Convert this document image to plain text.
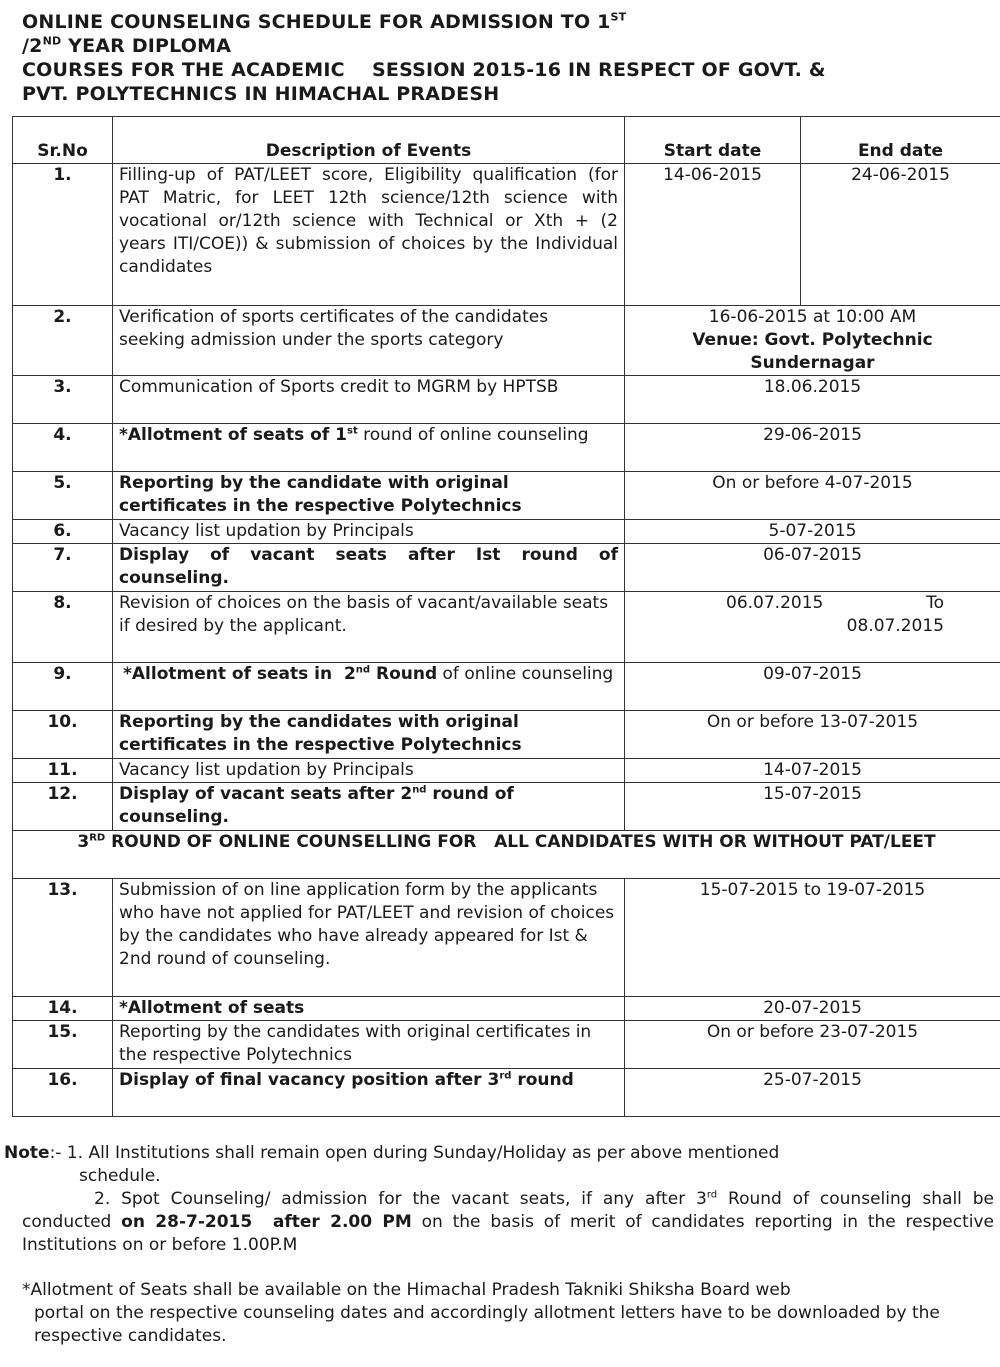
ONLINE COUNSELING SCHEDULE FOR ADMISSION TO 1ST
/2ND YEAR DIPLOMA
COURSES FOR THE ACADEMIC    SESSION 2015-16 IN RESPECT OF GOVT. &
PVT. POLYTECHNICS IN HIMACHAL PRADESH
Sr.No	Description of Events	Start date	End date
1.	Filling-up of PAT/LEET score, Eligibility qualification (for PAT Matric, for LEET 12th science/12th science with vocational or/12th science with Technical or Xth + (2 years ITI/COE)) & submission of choices by the Individual candidates	14-06-2015	24-06-2015
2.	Verification of sports certificates of the candidates seeking admission under the sports category	16-06-2015 at 10:00 AM
Venue: Govt. Polytechnic Sundernagar	

3.	Communication of Sports credit to MGRM by HPTSB	18.06.2015	
4.	*Allotment of seats of 1st round of online counseling	29-06-2015	
5.	Reporting by the candidate with original certificates in the respective Polytechnics	On or before 4-07-2015	
6.	Vacancy list updation by Principals	5-07-2015	
7.	Display of vacant seats after Ist round of counseling.	06-07-2015	
8.	Revision of choices on the basis of vacant/available seats if desired by the applicant.	06.07.2015 To
08.07.2015	

9.	*Allotment of seats in  2nd Round of online counseling	09-07-2015	
10.	Reporting by the candidates with original certificates in the respective Polytechnics	On or before 13-07-2015	
11.	Vacancy list updation by Principals	14-07-2015	
12.	Display of vacant seats after 2nd round of counseling.	15-07-2015	
3RD ROUND OF ONLINE COUNSELLING FOR   ALL CANDIDATES WITH OR WITHOUT PAT/LEET			
13.	Submission of on line application form by the applicants who have not applied for PAT/LEET and revision of choices by the candidates who have already appeared for Ist & 2nd round of counseling.	15-07-2015 to 19-07-2015	
14.	*Allotment of seats	20-07-2015	
15.	Reporting by the candidates with original certificates in the respective Polytechnics	On or before 23-07-2015	
16.	Display of final vacancy position after 3rd round	25-07-2015	

Note:- 1. All Institutions shall remain open during Sunday/Holiday as per above mentioned
schedule.

2. Spot Counseling/ admission for the vacant seats, if any after 3rd Round of counseling shall be conducted on 28-7-2015  after 2.00 PM on the basis of merit of candidates reporting in the respective Institutions on or before 1.00P.M

*Allotment of Seats shall be available on the Himachal Pradesh Takniki Shiksha Board web
portal on the respective counseling dates and accordingly allotment letters have to be downloaded by the respective candidates.
